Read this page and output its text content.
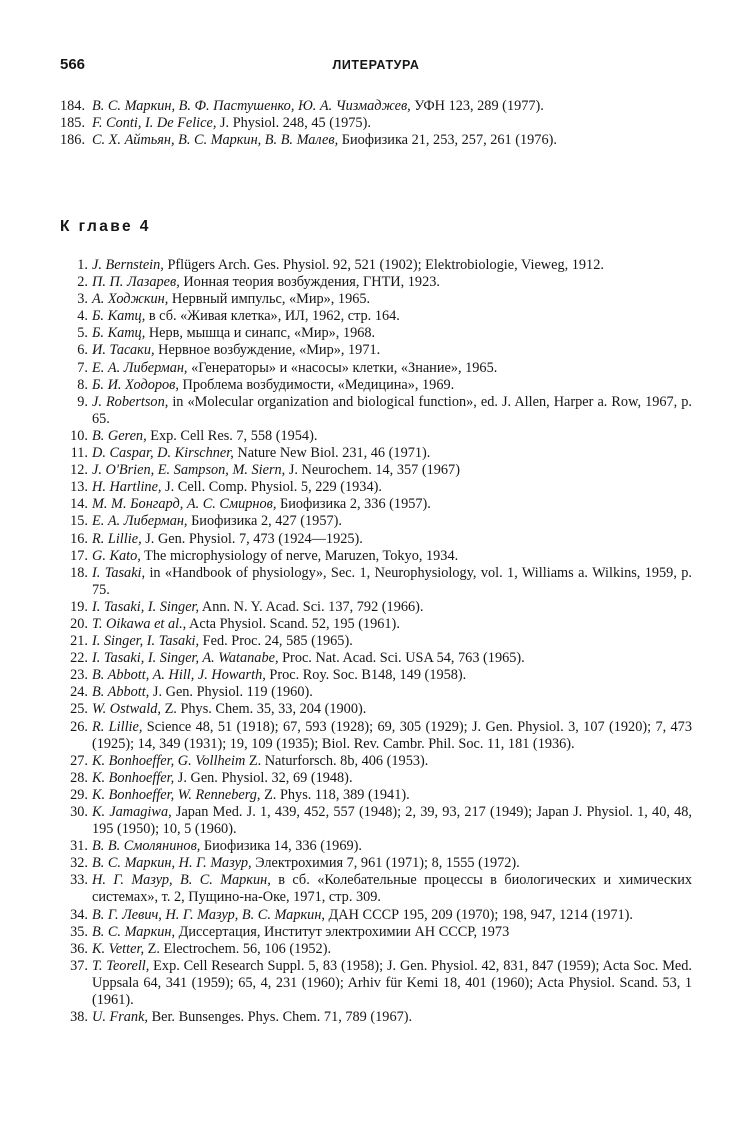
566	ЛИТЕРАТУРА
184. В. С. Маркин, В. Ф. Пастушенко, Ю. А. Чизмаджев, УФН 123, 289 (1977).
185. F. Conti, I. De Felice, J. Physiol. 248, 45 (1975).
186. С. X. Айтьян, В. С. Маркин, В. В. Малев, Биофизика 21, 253, 257, 261 (1976).
К главе 4
1. J. Bernstein, Pflügers Arch. Ges. Physiol. 92, 521 (1902); Elektrobiologie, Vieweg, 1912.
2. П. П. Лазарев, Ионная теория возбуждения, ГНТИ, 1923.
3. А. Ходжкин, Нервный импульс, «Мир», 1965.
4. Б. Катц, в сб. «Живая клетка», ИЛ, 1962, стр. 164.
5. Б. Катц, Нерв, мышца и синапс, «Мир», 1968.
6. И. Тасаки, Нервное возбуждение, «Мир», 1971.
7. Е. А. Либерман, «Генераторы» и «насосы» клетки, «Знание», 1965.
8. Б. И. Ходоров, Проблема возбудимости, «Медицина», 1969.
9. J. Robertson, in «Molecular organization and biological function», ed. J. Allen, Harper a. Row, 1967, p. 65.
10. B. Geren, Exp. Cell Res. 7, 558 (1954).
11. D. Caspar, D. Kirschner, Nature New Biol. 231, 46 (1971).
12. J. O'Brien, E. Sampson, M. Siern, J. Neurochem. 14, 357 (1967)
13. H. Hartline, J. Cell. Comp. Physiol. 5, 229 (1934).
14. М. М. Бонгард, А. С. Смирнов, Биофизика 2, 336 (1957).
15. Е. А. Либерман, Биофизика 2, 427 (1957).
16. R. Lillie, J. Gen. Physiol. 7, 473 (1924—1925).
17. G. Kato, The microphysiology of nerve, Maruzen, Tokyo, 1934.
18. I. Tasaki, in «Handbook of physiology», Sec. 1, Neurophysiology, vol. 1, Williams a. Wilkins, 1959, p. 75.
19. I. Tasaki, I. Singer, Ann. N. Y. Acad. Sci. 137, 792 (1966).
20. T. Oikawa et al., Acta Physiol. Scand. 52, 195 (1961).
21. I. Singer, I. Tasaki, Fed. Proc. 24, 585 (1965).
22. I. Tasaki, I. Singer, A. Watanabe, Proc. Nat. Acad. Sci. USA 54, 763 (1965).
23. B. Abbott, A. Hill, J. Howarth, Proc. Roy. Soc. B148, 149 (1958).
24. B. Abbott, J. Gen. Physiol. 119 (1960).
25. W. Ostwald, Z. Phys. Chem. 35, 33, 204 (1900).
26. R. Lillie, Science 48, 51 (1918); 67, 593 (1928); 69, 305 (1929); J. Gen. Physiol. 3, 107 (1920); 7, 473 (1925); 14, 349 (1931); 19, 109 (1935); Biol. Rev. Cambr. Phil. Soc. 11, 181 (1936).
27. K. Bonhoeffer, G. Vollheim Z. Naturforsch. 8b, 406 (1953).
28. K. Bonhoeffer, J. Gen. Physiol. 32, 69 (1948).
29. K. Bonhoeffer, W. Renneberg, Z. Phys. 118, 389 (1941).
30. K. Jamagiwa, Japan Med. J. 1, 439, 452, 557 (1948); 2, 39, 93, 217 (1949); Japan J. Physiol. 1, 40, 48, 195 (1950); 10, 5 (1960).
31. В. В. Смолянинов, Биофизика 14, 336 (1969).
32. В. С. Маркин, Н. Г. Мазур, Электрохимия 7, 961 (1971); 8, 1555 (1972).
33. Н. Г. Мазур, В. С. Маркин, в сб. «Колебательные процессы в биологических и химических системах», т. 2, Пущино-на-Оке, 1971, стр. 309.
34. В. Г. Левич, Н. Г. Мазур, В. С. Маркин, ДАН СССР 195, 209 (1970); 198, 947, 1214 (1971).
35. В. С. Маркин, Диссертация, Институт электрохимии АН СССР, 1973
36. K. Vetter, Z. Electrochem. 56, 106 (1952).
37. T. Teorell, Exp. Cell Research Suppl. 5, 83 (1958); J. Gen. Physiol. 42, 831, 847 (1959); Acta Soc. Med. Uppsala 64, 341 (1959); 65, 4, 231 (1960); Arhiv für Kemi 18, 401 (1960); Acta Physiol. Scand. 53, 1 (1961).
38. U. Frank, Ber. Bunsenges. Phys. Chem. 71, 789 (1967).
